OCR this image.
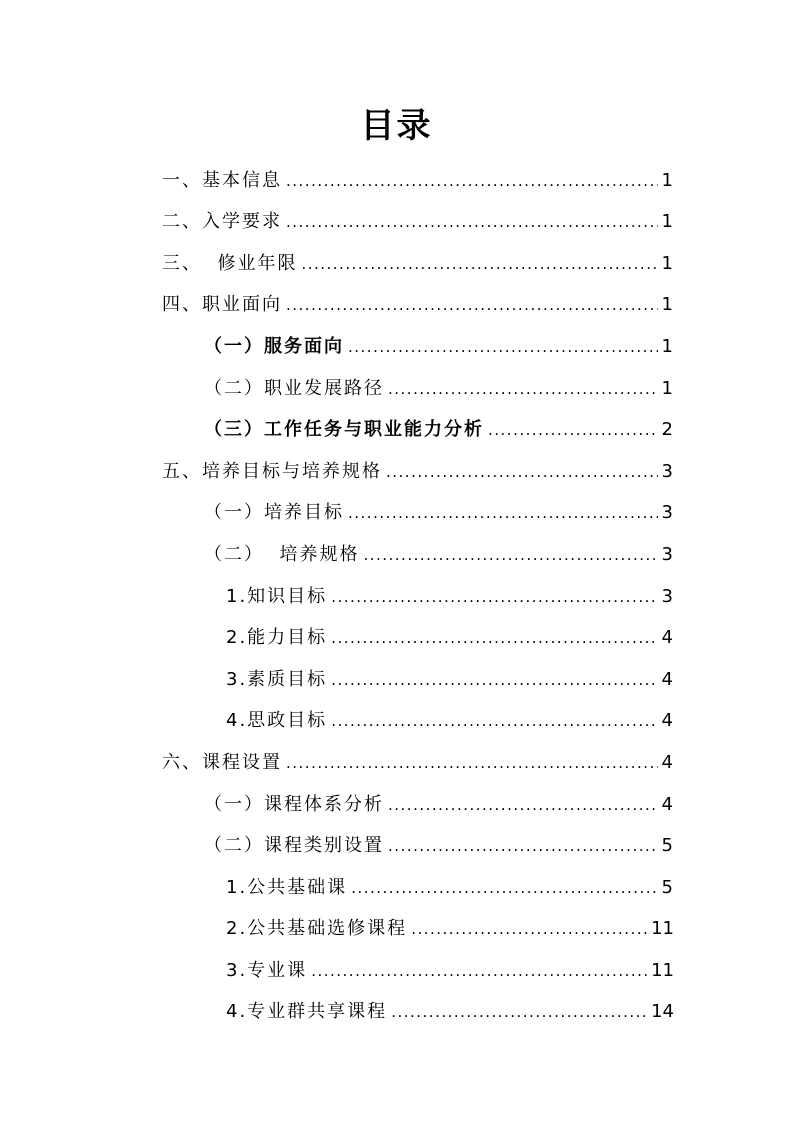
目录
一、基本信息 .....	1
二、入学要求 .....	1
三、  修业年限 .....	1
四、职业面向 .....	1
（一）服务面向 .....	1
（二）职业发展路径 .....	1
（三）工作任务与职业能力分析 .....	2
五、培养目标与培养规格 .....	3
（一）培养目标 .....	3
（二）  培养规格 .....	3
1.知识目标 .....	3
2.能力目标 .....	4
3.素质目标 .....	4
4.思政目标 .....	4
六、课程设置 .....	4
（一）课程体系分析 .....	4
（二）课程类别设置 .....	5
1.公共基础课 .....	5
2.公共基础选修课程 .....	11
3.专业课 .....	11
4.专业群共享课程 .....	14
